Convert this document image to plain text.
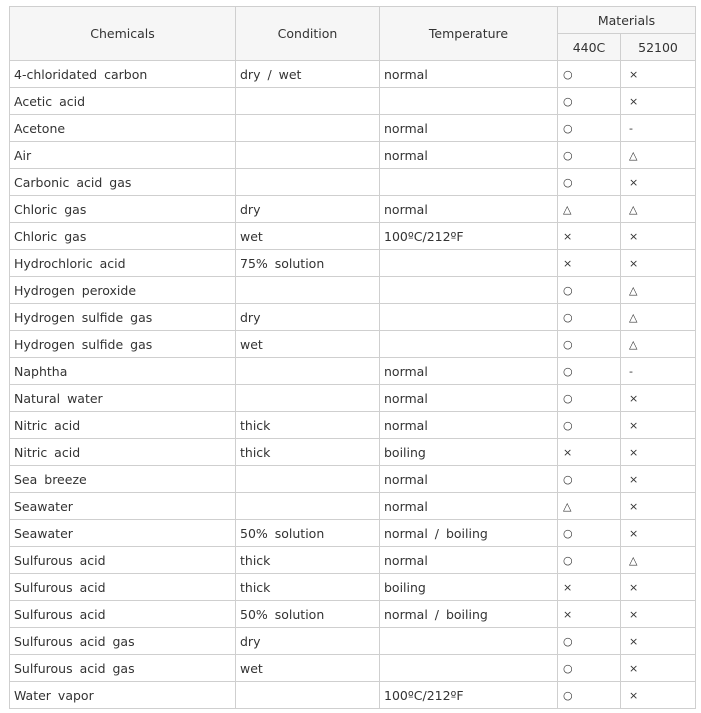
Chemicals	Condition	Temperature	Materials	
			440C	52100
4-chloridated carbon	dry / wet	normal	○	×
Acetic acid			○	×
Acetone		normal	○	-
Air		normal	○	△
Carbonic acid gas			○	×
Chloric gas	dry	normal	△	△
Chloric gas	wet	100ºC/212ºF	×	×
Hydrochloric acid	75% solution		×	×
Hydrogen peroxide			○	△
Hydrogen sulfide gas	dry		○	△
Hydrogen sulfide gas	wet		○	△
Naphtha		normal	○	-
Natural water		normal	○	×
Nitric acid	thick	normal	○	×
Nitric acid	thick	boiling	×	×
Sea breeze		normal	○	×
Seawater		normal	△	×
Seawater	50% solution	normal / boiling	○	×
Sulfurous acid	thick	normal	○	△
Sulfurous acid	thick	boiling	×	×
Sulfurous acid	50% solution	normal / boiling	×	×
Sulfurous acid gas	dry		○	×
Sulfurous acid gas	wet		○	×
Water vapor		100ºC/212ºF	○	×
